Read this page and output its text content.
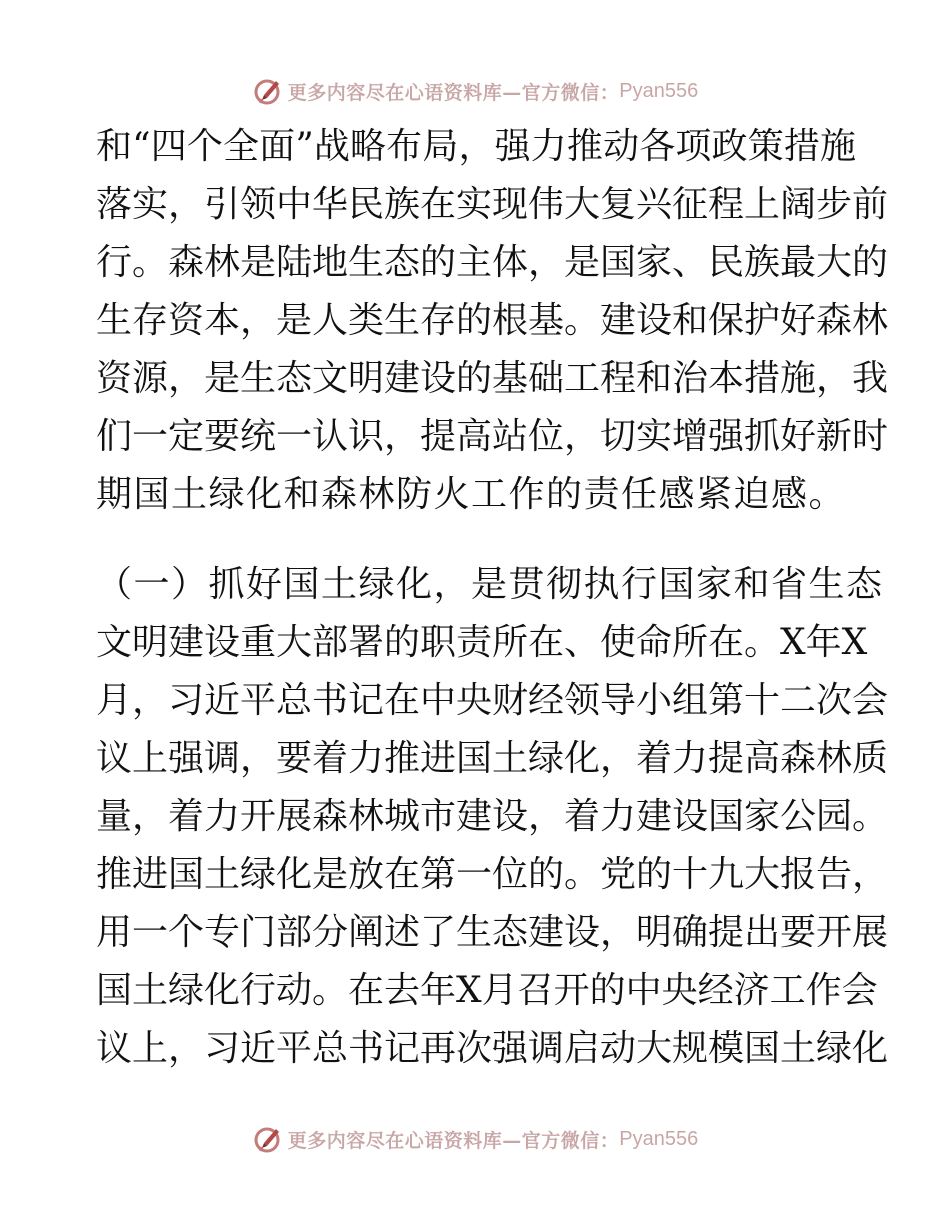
更多内容尽在心语资料库—官方微信： Pyan556
和“四个全面”战略布局，强力推动各项政策措施
落实，引领中华民族在实现伟大复兴征程上阔步前
行。森林是陆地生态的主体，是国家、民族最大的
生存资本，是人类生存的根基。建设和保护好森林
资源，是生态文明建设的基础工程和治本措施，我
们一定要统一认识，提高站位，切实增强抓好新时
期国土绿化和森林防火工作的责任感紧迫感。
（一）抓好国土绿化，是贯彻执行国家和省生态
文明建设重大部署的职责所在、使命所在。X年X
月，习近平总书记在中央财经领导小组第十二次会
议上强调，要着力推进国土绿化，着力提高森林质
量，着力开展森林城市建设，着力建设国家公园。
推进国土绿化是放在第一位的。党的十九大报告，
用一个专门部分阐述了生态建设，明确提出要开展
国土绿化行动。在去年X月召开的中央经济工作会
议上，习近平总书记再次强调启动大规模国土绿化
更多内容尽在心语资料库—官方微信： Pyan556
